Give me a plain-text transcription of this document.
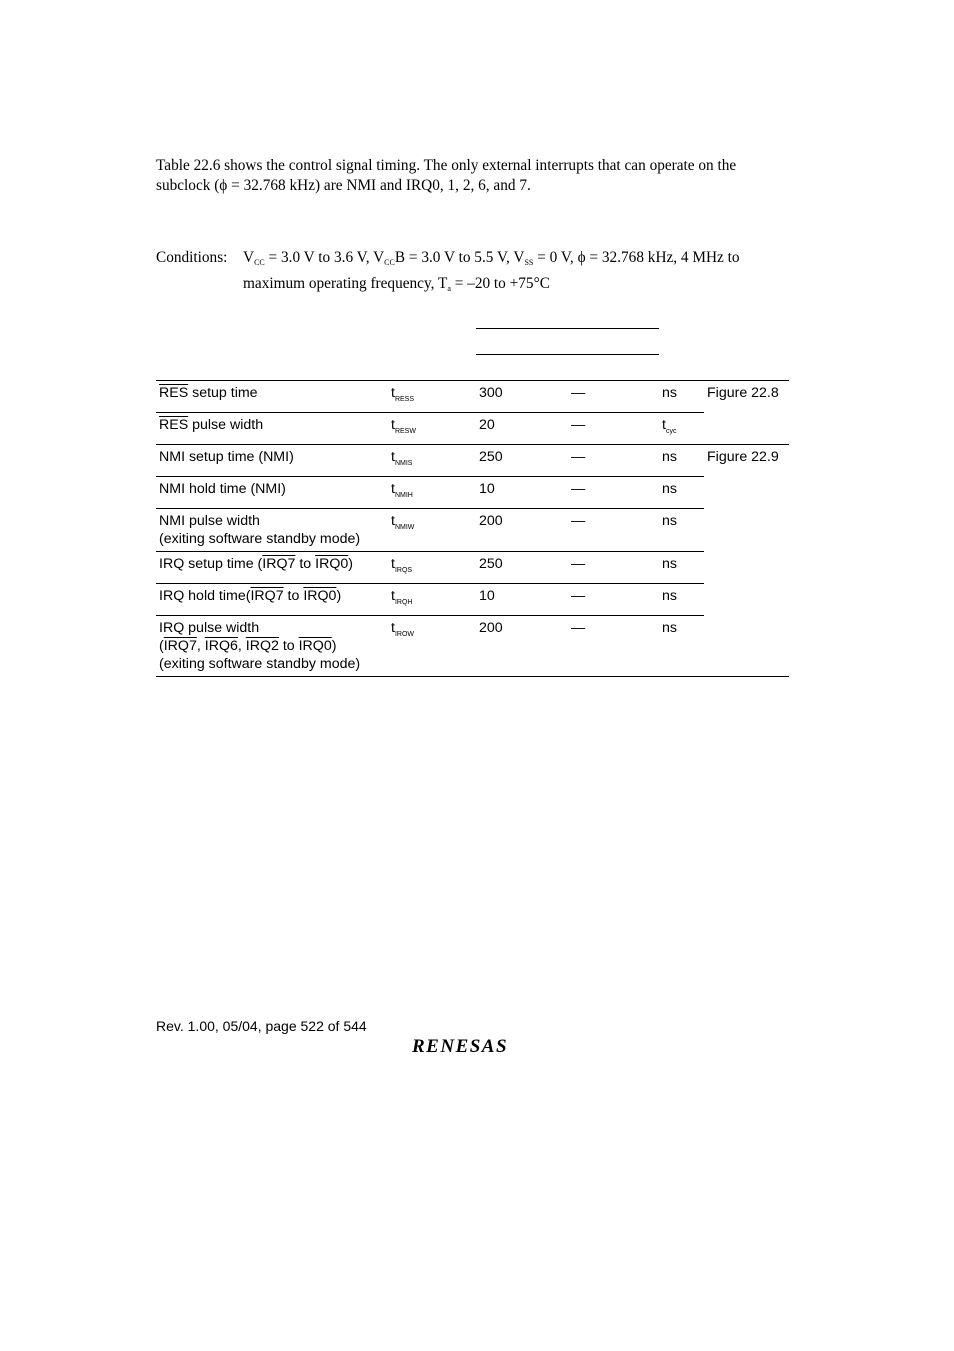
Table 22.6 shows the control signal timing. The only external interrupts that can operate on the
subclock (ϕ = 32.768 kHz) are NMI and IRQ0, 1, 2, 6, and 7.
Conditions: $V_{CC} = 3.0$ V to 3.6 V, $V_{CC}B = 3.0$ V to 5.5 V, $V_{SS} = 0$ V, ϕ = 32.768 kHz, 4 MHz to
maximum operating frequency, $T_a = -20$ to +75°C
$\overline{RES}$ setup time	$t_{RESS}$	300	—	ns	Figure 22.8
$\overline{RES}$ pulse width	$t_{RESW}$	20	—	$t_{cyc}$
NMI setup time (NMI)	$t_{NMIS}$	250	—	ns	Figure 22.9
NMI hold time (NMI)	$t_{NMIH}$	10	—	ns	

NMI pulse width
(exiting software standby mode)	$t_{NMIW}$	200	—	ns	
IRQ setup time (IRQ7 to IRQ0)	$t_{IRQS}$	250	—	ns	
IRQ hold time(IRQ7 to IRQ0)	$t_{IRQH}$	10	—	ns	

IRQ pulse width
(IRQ7, IRQ6, IRQ2 to IRQ0)
(exiting software standby mode)	$t_{IROW}$	200	—	ns	
Rev. 1.00, 05/04, page 522 of 544
RENESAS
